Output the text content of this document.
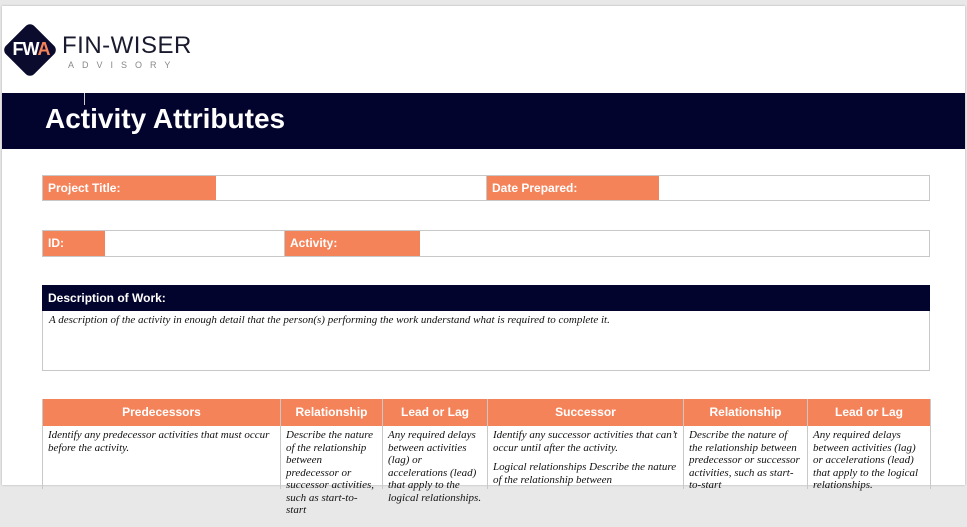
FWA FIN-WISER
ADVISORY
Activity Attributes
Project Title:	Date Prepared:
ID:	Activity:
Description of Work:
A description of the activity in enough detail that the person(s) performing the work understand what is required to complete it.
Predecessors

Identify any predecessor activities that must occur before the activity.

Relationship

Describe the nature of the relationship between predecessor or successor activities, such as start-to-start

Lead or Lag

Any required delays between activities (lag) or accelerations (lead) that apply to the logical relationships.

Successor

Identify any successor activities that can’t occur until after the activity.

Logical relationships Describe the nature of the relationship between

Relationship

Describe the nature of the relationship between predecessor or successor activities, such as start-to-start

Lead or Lag

Any required delays between activities (lag) or accelerations (lead) that apply to the logical relationships.
